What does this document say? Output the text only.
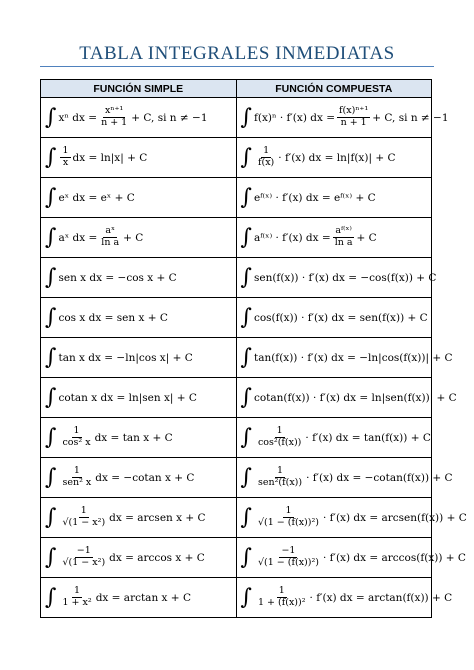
TABLA INTEGRALES INMEDIATAS
FUNCIÓN SIMPLE	FUNCIÓN COMPUESTA

∫ xⁿ dx = $\frac{\text{xⁿ⁺¹}}{n + 1} + C$, si n ≠ −1	∫ f(x)ⁿ · f′(x) dx = $\frac{\text{f(x)ⁿ⁺¹}}{n + 1} + C$, si n ≠ −1

∫ $\frac{1}{x}$ dx = ln|x| + C	∫ $\frac{1}{f(x)} \cdot f'(x)$ dx = ln|f(x)| + C

∫ eˣ dx = eˣ + C	∫ eᶠ⁽ˣ⁾ · f′(x) dx = eᶠ⁽ˣ⁾ + C

∫ aˣ dx = $\frac{\text{aˣ}}{\text{ln a}} + C$	∫ aᶠ⁽ˣ⁾ · f′(x) dx = $\frac{\text{aᶠ⁽ˣ⁾}}{\text{ln a}} + C$

∫ sen x dx = −cos x + C	∫ sen(f(x)) · f′(x) dx = −cos(f(x)) + C

∫ cos x dx = sen x + C	∫ cos(f(x)) · f′(x) dx = sen(f(x)) + C

∫ tan x dx = −ln|cos x| + C	∫ tan(f(x)) · f′(x) dx = −ln|cos(f(x))| + C

∫ cotan x dx = ln|sen x| + C	∫ cotan(f(x)) · f′(x) dx = ln|sen(f(x))| + C

∫ $\frac{1}{\text{cos² x}}$ dx = tan x + C	∫ $\frac{1}{\text{cos²(f(x))}} \cdot f'(x)$ dx = tan(f(x)) + C

∫ $\frac{1}{\text{sen² x}}$ dx = −cotan x + C	∫ $\frac{1}{\text{sen²(f(x))}} \cdot f'(x)$ dx = −cotan(f(x)) + C

∫ $\frac{1}{\text{√(1 − x²)}}$ dx = arcsen x + C	∫ $\frac{1}{\text{√(1 − (f(x))²)}} \cdot f'(x)$ dx = arcsen(f(x)) + C

∫ $\frac{-1}{\text{√(1 − x²)}}$ dx = arccos x + C	∫ $\frac{-1}{\text{√(1 − (f(x))²)}} \cdot f'(x)$ dx = arccos(f(x)) + C

∫ $\frac{1}{\text{1 + x²}}$ dx = arctan x + C	∫ $\frac{1}{\text{1 + (f(x))²}} \cdot f'(x)$ dx = arctan(f(x)) + C
